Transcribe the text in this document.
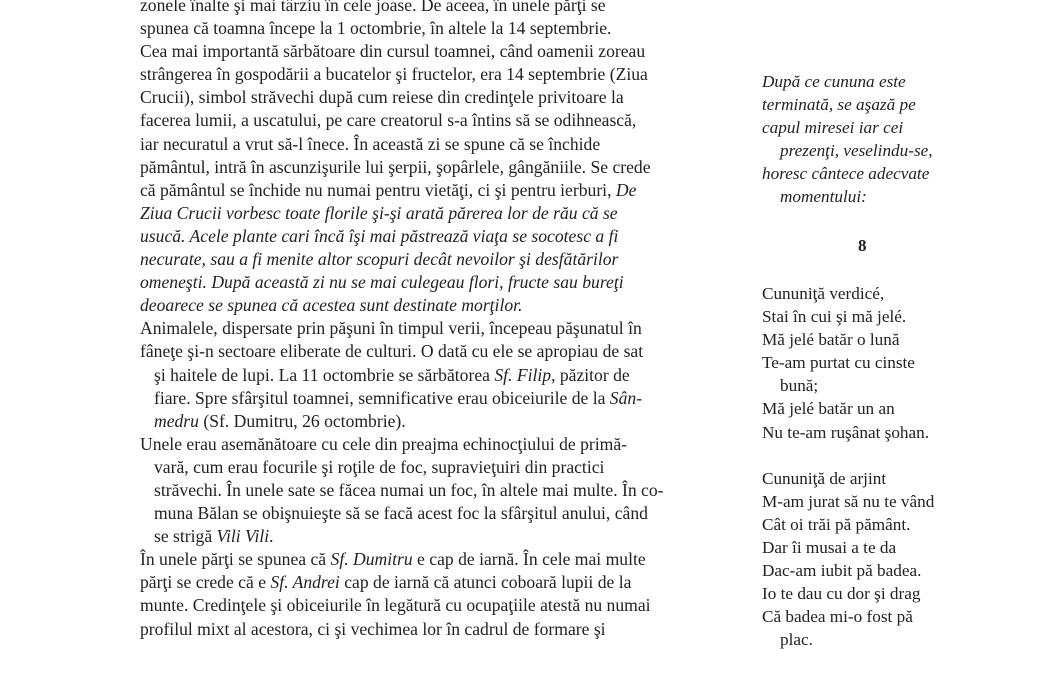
zonele înalte şi mai târziu în cele joase. De aceea, în unele părţi se
spunea că toamna începe la 1 octombrie, în altele la 14 septembrie.

Cea mai importantă sărbătoare din cursul toamnei, când oamenii zoreau
strângerea în gospodării a bucatelor şi fructelor, era 14 septembrie (Ziua
Crucii), simbol străvechi după cum reiese din credinţele privitoare la
facerea lumii, a uscatului, pe care creatorul s-a întins să se odihnească,
iar necuratul a vrut să-l înece. În această zi se spune că se închide
pământul, intră în ascunzişurile lui şerpii, şopârlele, gângăniile. Se crede
că pământul se închide nu numai pentru vietăţi, ci şi pentru ierburi, De
Ziua Crucii vorbesc toate florile şi-şi arată părerea lor de rău că se
usucă. Acele plante cari încă îşi mai păstrează viaţa se socotesc a fi
necurate, sau a fi menite altor scopuri decât nevoilor şi desfătărilor
omeneşti. După această zi nu se mai culegeau flori, fructe sau bureţi
deoarece se spunea că acestea sunt destinate morţilor.

Animalele, dispersate prin păşuni în timpul verii, începeau păşunatul în
fâneţe şi-n sectoare eliberate de culturi. O dată cu ele se apropiau de sat
şi haitele de lupi. La 11 octombrie se sărbătorea Sf. Filip, păzitor de
fiare. Spre sfârşitul toamnei, semnificative erau obiceiurile de la Sân-
medru (Sf. Dumitru, 26 octombrie).

Unele erau asemănătoare cu cele din preajma echinocţiului de primă-
vară, cum erau focurile şi roţile de foc, supravieţuiri din practici
străvechi. În unele sate se făcea numai un foc, în altele mai multe. În co-
muna Bălan se obişnuieşte să se facă acest foc la sfârşitul anului, când
se strigă Vili Vili.

În unele părţi se spunea că Sf. Dumitru e cap de iarnă. În cele mai multe
părţi se crede că e Sf. Andrei cap de iarnă că atunci coboară lupii de la
munte. Credinţele şi obiceiurile în legătură cu ocupaţiile atestă nu numai
profilul mixt al acestora, ci şi vechimea lor în cadrul de formare şi

După ce cununa este
terminată, se aşază pe
capul miresei iar cei
prezenţi, veselindu-se,
horesc cântece adecvate
momentului:
8

Cununiţă verdicé,

Stai în cui şi mă jelé.

Mă jelé batăr o lună

Te-am purtat cu cinste

bună;

Mă jelé batăr un an

Nu te-am ruşânat şohan.

Cununiţă de arjint

M-am jurat să nu te vând

Cât oi trăi pă pământ.

Dar îi musai a te da

Dac-am iubit pă badea.

Io te dau cu dor şi drag

Că badea mi-o fost pă

plac.
